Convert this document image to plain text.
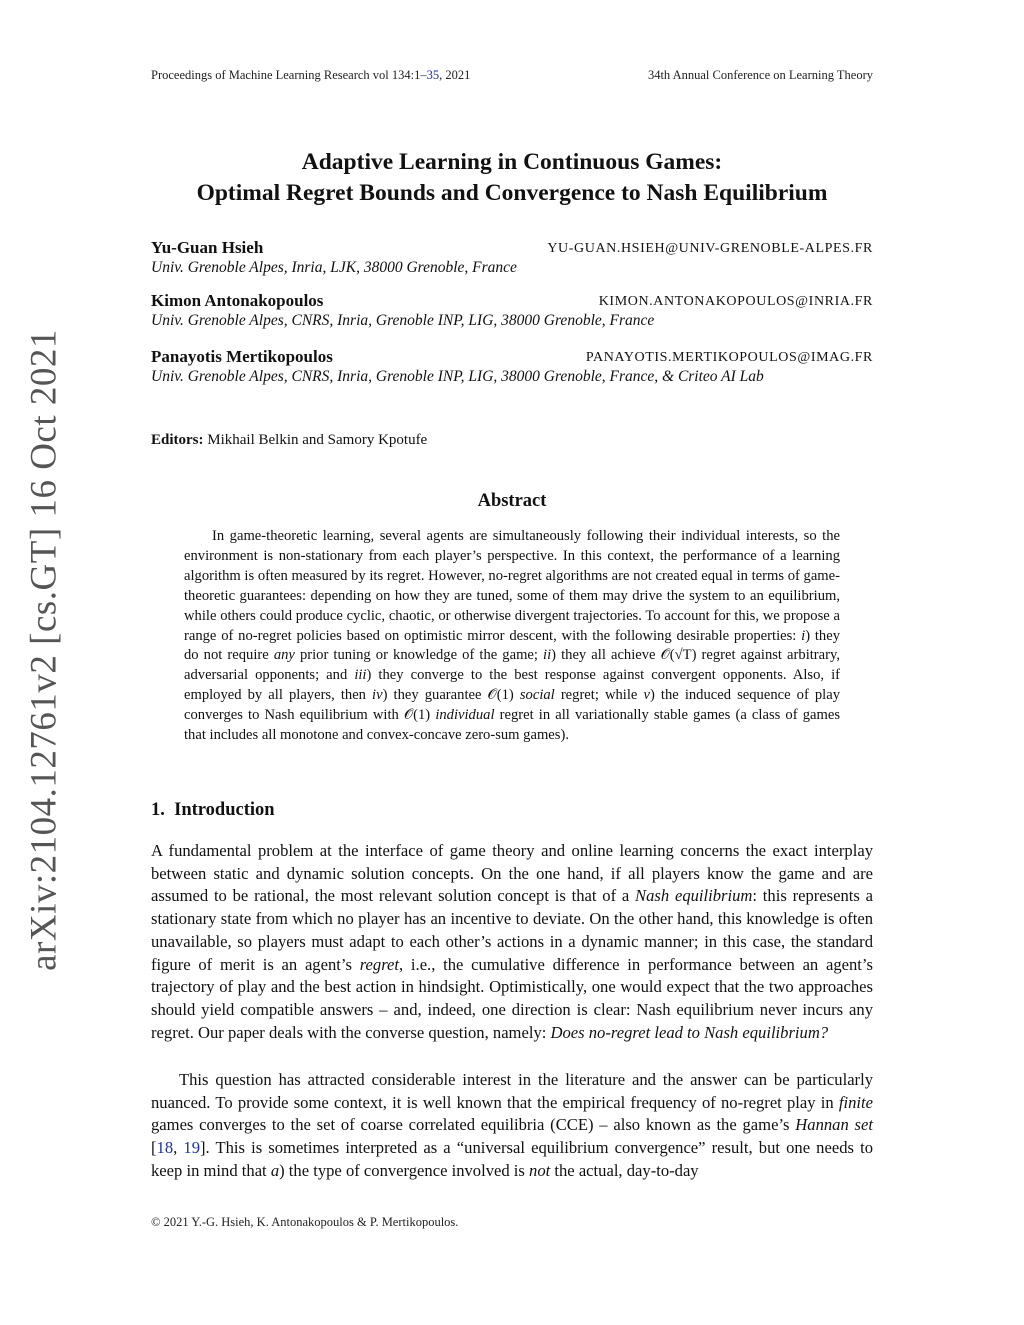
Proceedings of Machine Learning Research vol 134:1–35, 2021	34th Annual Conference on Learning Theory
arXiv:2104.12761v2 [cs.GT] 16 Oct 2021
Adaptive Learning in Continuous Games:
Optimal Regret Bounds and Convergence to Nash Equilibrium
Yu-Guan Hsieh	YU-GUAN.HSIEH@UNIV-GRENOBLE-ALPES.FR
Univ. Grenoble Alpes, Inria, LJK, 38000 Grenoble, France
Kimon Antonakopoulos	KIMON.ANTONAKOPOULOS@INRIA.FR
Univ. Grenoble Alpes, CNRS, Inria, Grenoble INP, LIG, 38000 Grenoble, France
Panayotis Mertikopoulos	PANAYOTIS.MERTIKOPOULOS@IMAG.FR
Univ. Grenoble Alpes, CNRS, Inria, Grenoble INP, LIG, 38000 Grenoble, France, & Criteo AI Lab
Editors: Mikhail Belkin and Samory Kpotufe
Abstract

In game-theoretic learning, several agents are simultaneously following their individual interests, so the environment is non-stationary from each player’s perspective. In this context, the performance of a learning algorithm is often measured by its regret. However, no-regret algorithms are not created equal in terms of game-theoretic guarantees: depending on how they are tuned, some of them may drive the system to an equilibrium, while others could produce cyclic, chaotic, or otherwise divergent trajectories. To account for this, we propose a range of no-regret policies based on optimistic mirror descent, with the following desirable properties: i) they do not require any prior tuning or knowledge of the game; ii) they all achieve 𝒪(√T) regret against arbitrary, adversarial opponents; and iii) they converge to the best response against convergent opponents. Also, if employed by all players, then iv) they guarantee 𝒪(1) social regret; while v) the induced sequence of play converges to Nash equilibrium with 𝒪(1) individual regret in all variationally stable games (a class of games that includes all monotone and convex-concave zero-sum games).

1. Introduction

A fundamental problem at the interface of game theory and online learning concerns the exact interplay between static and dynamic solution concepts. On the one hand, if all players know the game and are assumed to be rational, the most relevant solution concept is that of a Nash equilibrium: this represents a stationary state from which no player has an incentive to deviate. On the other hand, this knowledge is often unavailable, so players must adapt to each other’s actions in a dynamic manner; in this case, the standard figure of merit is an agent’s regret, i.e., the cumulative difference in performance between an agent’s trajectory of play and the best action in hindsight. Optimistically, one would expect that the two approaches should yield compatible answers – and, indeed, one direction is clear: Nash equilibrium never incurs any regret. Our paper deals with the converse question, namely: Does no-regret lead to Nash equilibrium?

This question has attracted considerable interest in the literature and the answer can be particularly nuanced. To provide some context, it is well known that the empirical frequency of no-regret play in finite games converges to the set of coarse correlated equilibria (CCE) – also known as the game’s Hannan set [18, 19]. This is sometimes interpreted as a “universal equilibrium convergence” result, but one needs to keep in mind that a) the type of convergence involved is not the actual, day-to-day

© 2021 Y.-G. Hsieh, K. Antonakopoulos & P. Mertikopoulos.
